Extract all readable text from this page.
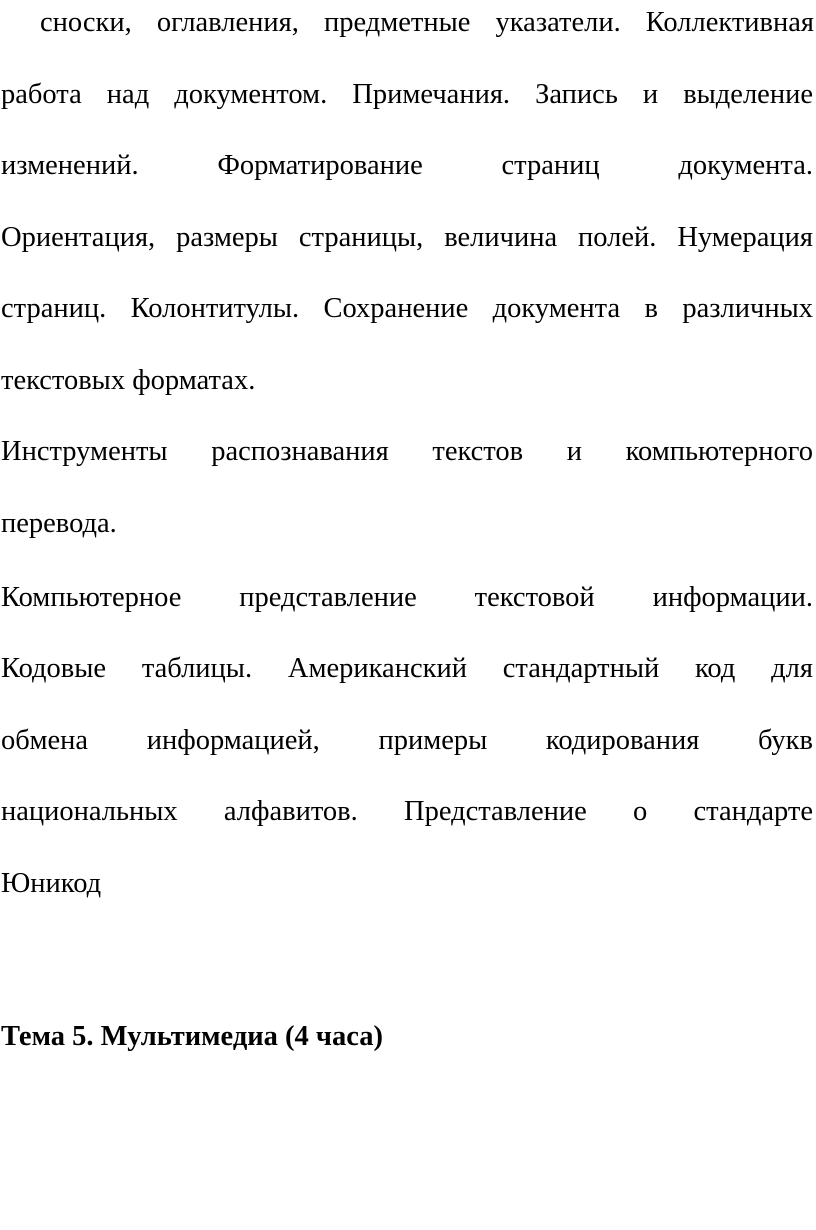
сноски, оглавления, предметные указатели. Коллективная
работа над документом. Примечания. Запись и выделение
изменений. Форматирование страниц документа.
Ориентация, размеры страницы, величина полей. Нумерация
страниц. Колонтитулы. Сохранение документа в различных
текстовых форматах.
Инструменты распознавания текстов и компьютерного
перевода.
Компьютерное представление текстовой информации.
Кодовые таблицы. Американский стандартный код для
обмена информацией, примеры кодирования букв
национальных алфавитов. Представление о стандарте
Юникод
Тема 5. Мультимедиа (4 часа)
